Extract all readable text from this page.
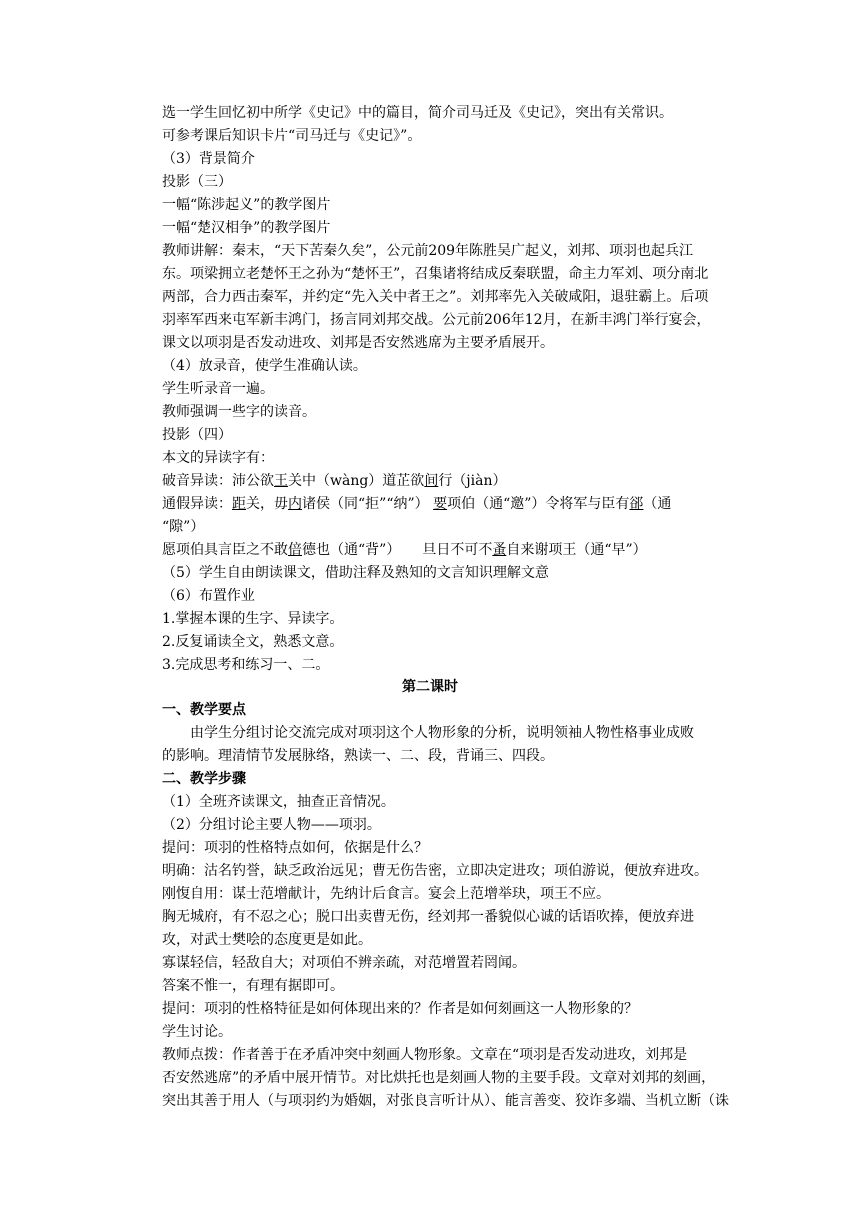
选一学生回忆初中所学《史记》中的篇目，简介司马迁及《史记》，突出有关常识。
可参考课后知识卡片“司马迁与《史记》”。
（3）背景简介
投影（三）
一幅“陈涉起义”的教学图片
一幅“楚汉相争”的教学图片
教师讲解：秦末，“天下苦秦久矣”，公元前209年陈胜吴广起义，刘邦、项羽也起兵江
东。项梁拥立老楚怀王之孙为“楚怀王”，召集诸将结成反秦联盟，命主力军刘、项分南北
两部，合力西击秦军，并约定“先入关中者王之”。刘邦率先入关破咸阳，退驻霸上。后项
羽率军西来屯军新丰鸿门，扬言同刘邦交战。公元前206年12月，在新丰鸿门举行宴会，
课文以项羽是否发动进攻、刘邦是否安然逃席为主要矛盾展开。
（4）放录音，使学生准确认读。
学生听录音一遍。
教师强调一些字的读音。
投影（四）
本文的异读字有：
破音异读：沛公欲王关中（wàng）道芷欲间行（jiàn）
通假异读：距关，毋内诸侯（同“拒”“纳”） 要项伯（通“邀”）令将军与臣有郤（通
“隙”）
愿项伯具言臣之不敢倍德也（通“背”） 旦日不可不蚤自来谢项王（通“早”）
（5）学生自由朗读课文，借助注释及熟知的文言知识理解文意
（6）布置作业
1.掌握本课的生字、异读字。
2.反复诵读全文，熟悉文意。
3.完成思考和练习一、二。
第二课时
一、教学要点
由学生分组讨论交流完成对项羽这个人物形象的分析，说明领袖人物性格事业成败
的影响。理清情节发展脉络，熟读一、二、段，背诵三、四段。
二、教学步骤
（1）全班齐读课文，抽查正音情况。
（2）分组讨论主要人物——项羽。
提问：项羽的性格特点如何，依据是什么？
明确：沽名钓誉，缺乏政治远见；曹无伤告密，立即决定进攻；项伯游说，便放弃进攻。
刚愎自用：谋士范增献计，先纳计后食言。宴会上范增举玦，项王不应。
胸无城府，有不忍之心；脱口出卖曹无伤，经刘邦一番貌似心诚的话语吹捧，便放弃进
攻，对武士樊哙的态度更是如此。
寡谋轻信，轻敌自大；对项伯不辨亲疏，对范增置若罔闻。
答案不惟一，有理有据即可。
提问：项羽的性格特征是如何体现出来的？作者是如何刻画这一人物形象的？
学生讨论。
教师点拨：作者善于在矛盾冲突中刻画人物形象。文章在“项羽是否发动进攻，刘邦是
否安然逃席”的矛盾中展开情节。对比烘托也是刻画人物的主要手段。文章对刘邦的刻画，
突出其善于用人（与项羽约为婚姻，对张良言听计从）、能言善变、狡诈多端、当机立断（诛
